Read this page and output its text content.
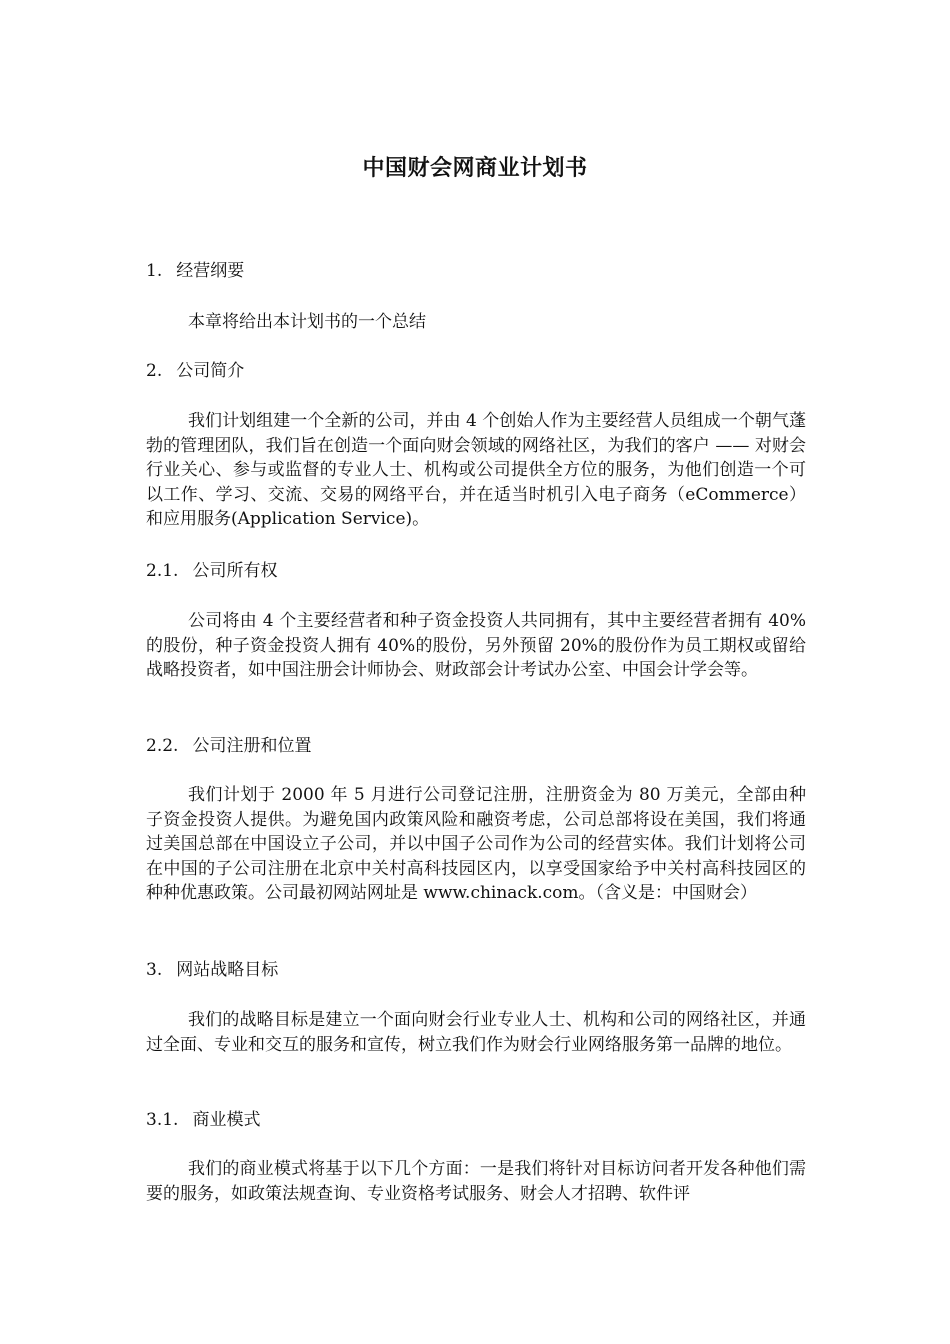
中国财会网商业计划书
1. 经营纲要
本章将给出本计划书的一个总结
2. 公司简介
我们计划组建一个全新的公司，并由 4 个创始人作为主要经营人员组成一个朝气蓬勃的管理团队，我们旨在创造一个面向财会领域的网络社区，为我们的客户 —— 对财会行业关心、参与或监督的专业人士、机构或公司提供全方位的服务，为他们创造一个可以工作、学习、交流、交易的网络平台，并在适当时机引入电子商务（eCommerce）和应用服务(Application Service)。
2.1. 公司所有权
公司将由 4 个主要经营者和种子资金投资人共同拥有，其中主要经营者拥有 40%的股份，种子资金投资人拥有 40%的股份，另外预留 20%的股份作为员工期权或留给战略投资者，如中国注册会计师协会、财政部会计考试办公室、中国会计学会等。
2.2. 公司注册和位置
我们计划于 2000 年 5 月进行公司登记注册，注册资金为 80 万美元，全部由种子资金投资人提供。为避免国内政策风险和融资考虑，公司总部将设在美国，我们将通过美国总部在中国设立子公司，并以中国子公司作为公司的经营实体。我们计划将公司在中国的子公司注册在北京中关村高科技园区内，以享受国家给予中关村高科技园区的种种优惠政策。公司最初网站网址是 www.chinack.com。（含义是：中国财会）
3. 网站战略目标
我们的战略目标是建立一个面向财会行业专业人士、机构和公司的网络社区，并通过全面、专业和交互的服务和宣传，树立我们作为财会行业网络服务第一品牌的地位。
3.1. 商业模式
我们的商业模式将基于以下几个方面：一是我们将针对目标访问者开发各种他们需要的服务，如政策法规查询、专业资格考试服务、财会人才招聘、软件评
